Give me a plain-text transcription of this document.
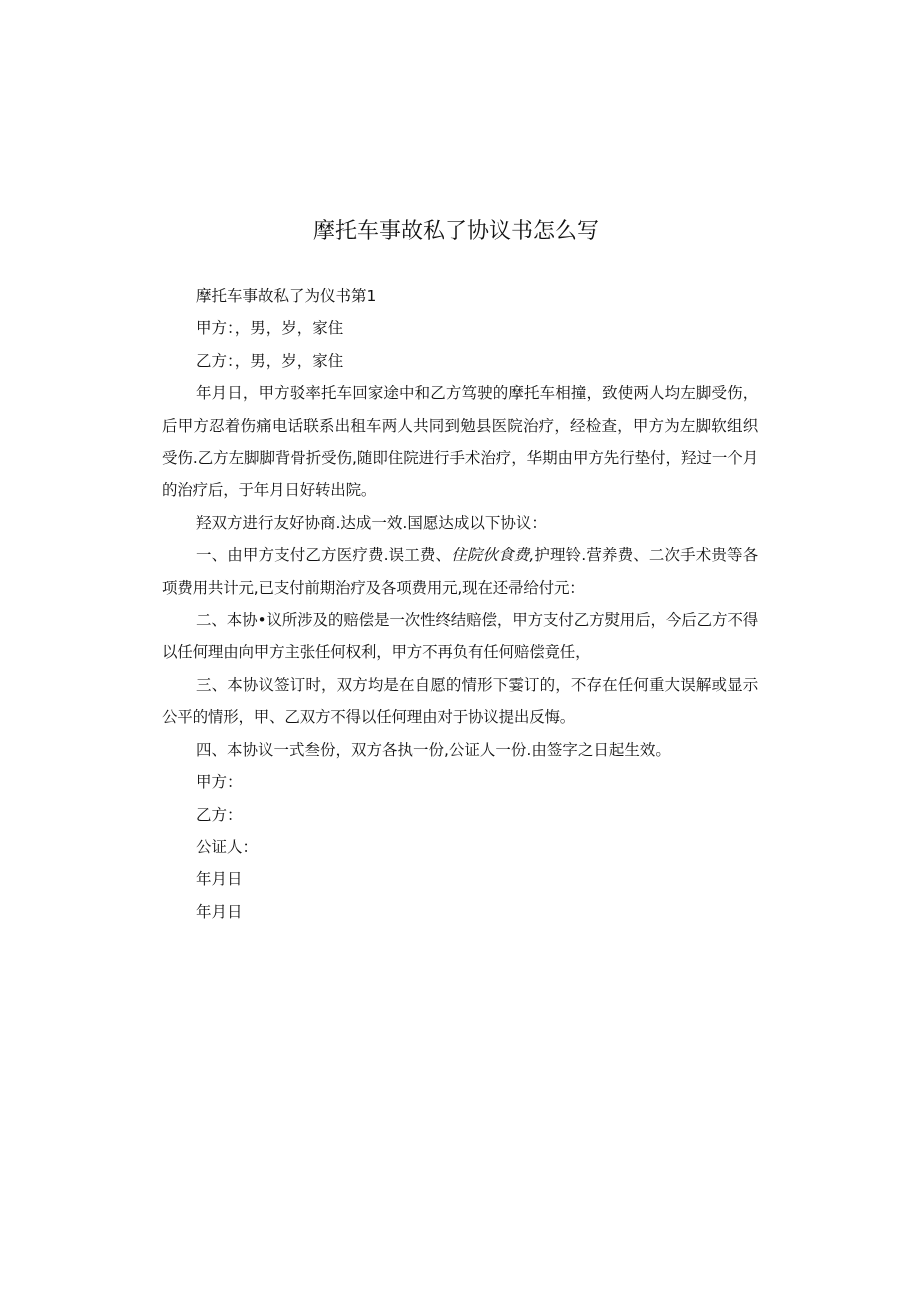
摩托车事故私了协议书怎么写

摩托车事故私了为仪书第1

甲方：，男，岁，家住

乙方：，男，岁，家住

年月日，甲方驳率托车回家途中和乙方笃驶的摩托车相撞，致使两人均左脚受伤，后甲方忍着伤痛电话联系出租车两人共同到勉县医院治疗，经检查，甲方为左脚软组织受伤.乙方左脚脚背骨折受伤,随即住院进行手术治疗，华期由甲方先行垫付，羟过一个月的治疗后，于年月日好转出院。

羟双方进行友好协商.达成一效.国愿达成以下协议：

一、由甲方支付乙方医疗费.误工费、住院伙食费,护理铃.营养费、二次手术贵等各项费用共计元,已支付前期治疗及各项费用元,现在还帚给付元：

二、本协•议所涉及的赔偿是一次性终结赔偿，甲方支付乙方熨用后，今后乙方不得以任何理由向甲方主张任何权利，甲方不再负有任何赔偿竟任，

三、本协议签订时，双方均是在自愿的情形下霎订的，不存在任何重大误解或显示公平的情形，甲、乙双方不得以任何理由对于协议提出反悔。

四、本协议一式叁份，双方各执一份,公证人一份.由签字之日起生效。

甲方：

乙方：

公证人：

年月日

年月日
